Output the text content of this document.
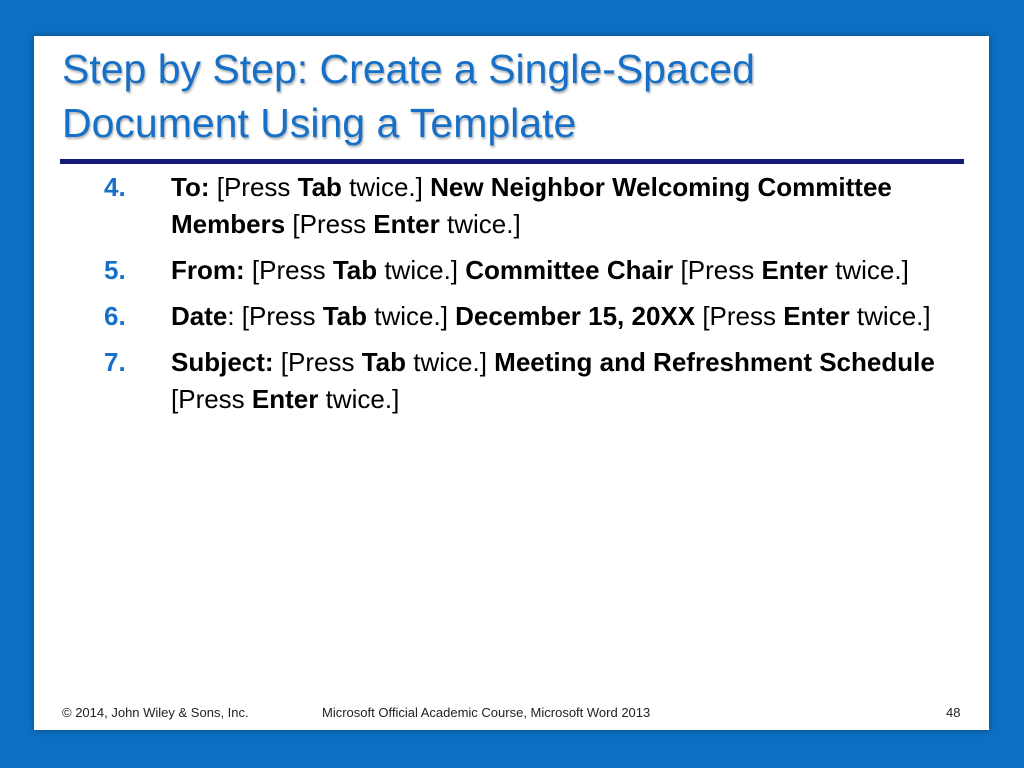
Step by Step: Create a Single-Spaced
Document Using a Template
4.	To: [Press Tab twice.] New Neighbor Welcoming Committee Members [Press Enter twice.]
5.	From: [Press Tab twice.] Committee Chair [Press Enter twice.]
6.	Date: [Press Tab twice.] December 15, 20XX [Press Enter twice.]
7.	Subject: [Press Tab twice.] Meeting and Refreshment Schedule [Press Enter twice.]
© 2014, John Wiley & Sons, Inc.	Microsoft Official Academic Course, Microsoft Word 2013	48
